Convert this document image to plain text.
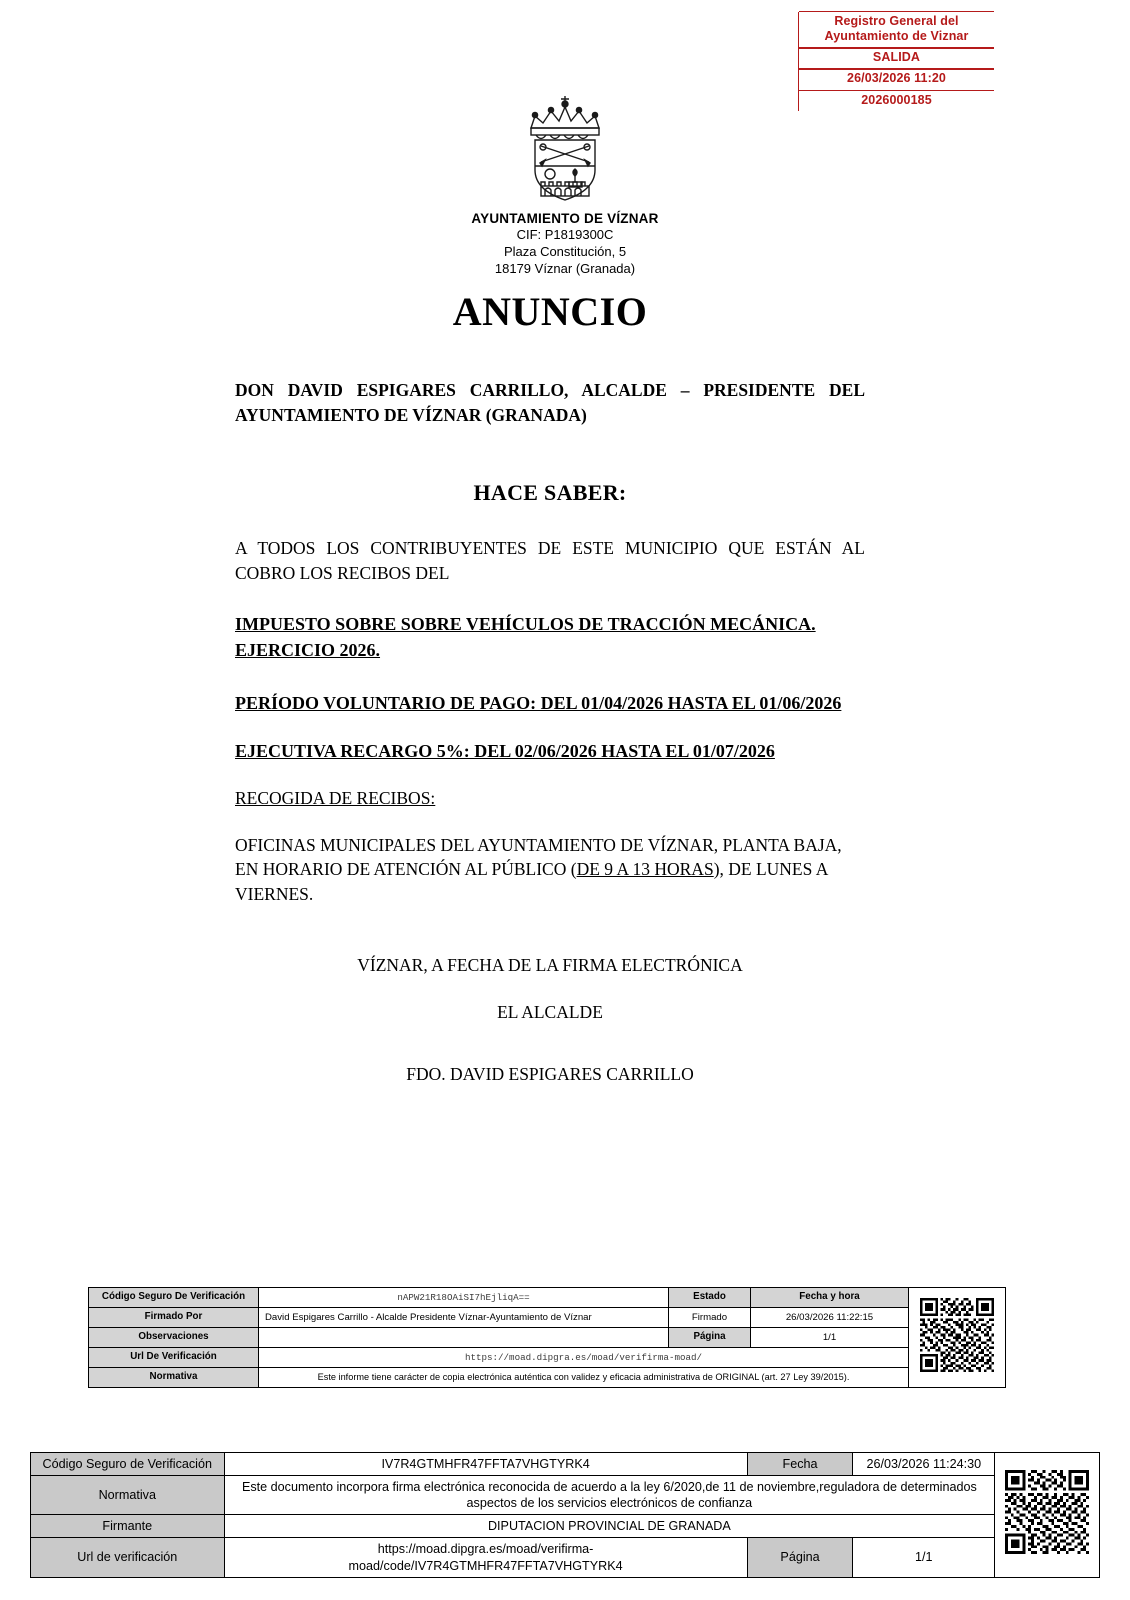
Registro General del
Ayuntamiento de Viznar
SALIDA
26/03/2026 11:20
2026000185
AYUNTAMIENTO DE VÍZNAR
CIF: P1819300C
Plaza Constitución, 5
18179 Víznar (Granada)
ANUNCIO
DON DAVID ESPIGARES CARRILLO, ALCALDE – PRESIDENTE DEL
AYUNTAMIENTO DE VÍZNAR (GRANADA)
HACE SABER:
A TODOS LOS CONTRIBUYENTES DE ESTE MUNICIPIO QUE ESTÁN AL COBRO LOS RECIBOS DEL
IMPUESTO SOBRE SOBRE VEHÍCULOS DE TRACCIÓN MECÁNICA.
EJERCICIO 2026.
PERÍODO VOLUNTARIO DE PAGO: DEL 01/04/2026 HASTA EL 01/06/2026
EJECUTIVA RECARGO 5%: DEL 02/06/2026 HASTA EL 01/07/2026
RECOGIDA DE RECIBOS:
OFICINAS MUNICIPALES DEL AYUNTAMIENTO DE VÍZNAR, PLANTA BAJA, EN HORARIO DE ATENCIÓN AL PÚBLICO (DE 9 A 13 HORAS), DE LUNES A VIERNES.
VÍZNAR, A FECHA DE LA FIRMA ELECTRÓNICA
EL ALCALDE
FDO. DAVID ESPIGARES CARRILLO
Código Seguro De Verificación	nAPW21R18OAiSI7hEjliqA==	Estado	Fecha y hora
Firmado Por	David Espigares Carrillo - Alcalde Presidente Víznar-Ayuntamiento de Víznar	Firmado	26/03/2026 11:22:15
Observaciones		Página	1/1
Url De Verificación	https://moad.dipgra.es/moad/verifirma-moad/		
Normativa	Este informe tiene carácter de copia electrónica auténtica con validez y eficacia administrativa de ORIGINAL (art. 27 Ley 39/2015).		
Código Seguro de Verificación	IV7R4GTMHFR47FFTA7VHGTYRK4	Fecha	26/03/2026 11:24:30
Normativa	Este documento incorpora firma electrónica reconocida de acuerdo a la ley 6/2020,de 11 de noviembre,reguladora de determinados aspectos de los servicios electrónicos de confianza		
Firmante	DIPUTACION PROVINCIAL DE GRANADA		
Url de verificación	https://moad.dipgra.es/moad/verifirma-
moad/code/IV7R4GTMHFR47FFTA7VHGTYRK4	Página	1/1
